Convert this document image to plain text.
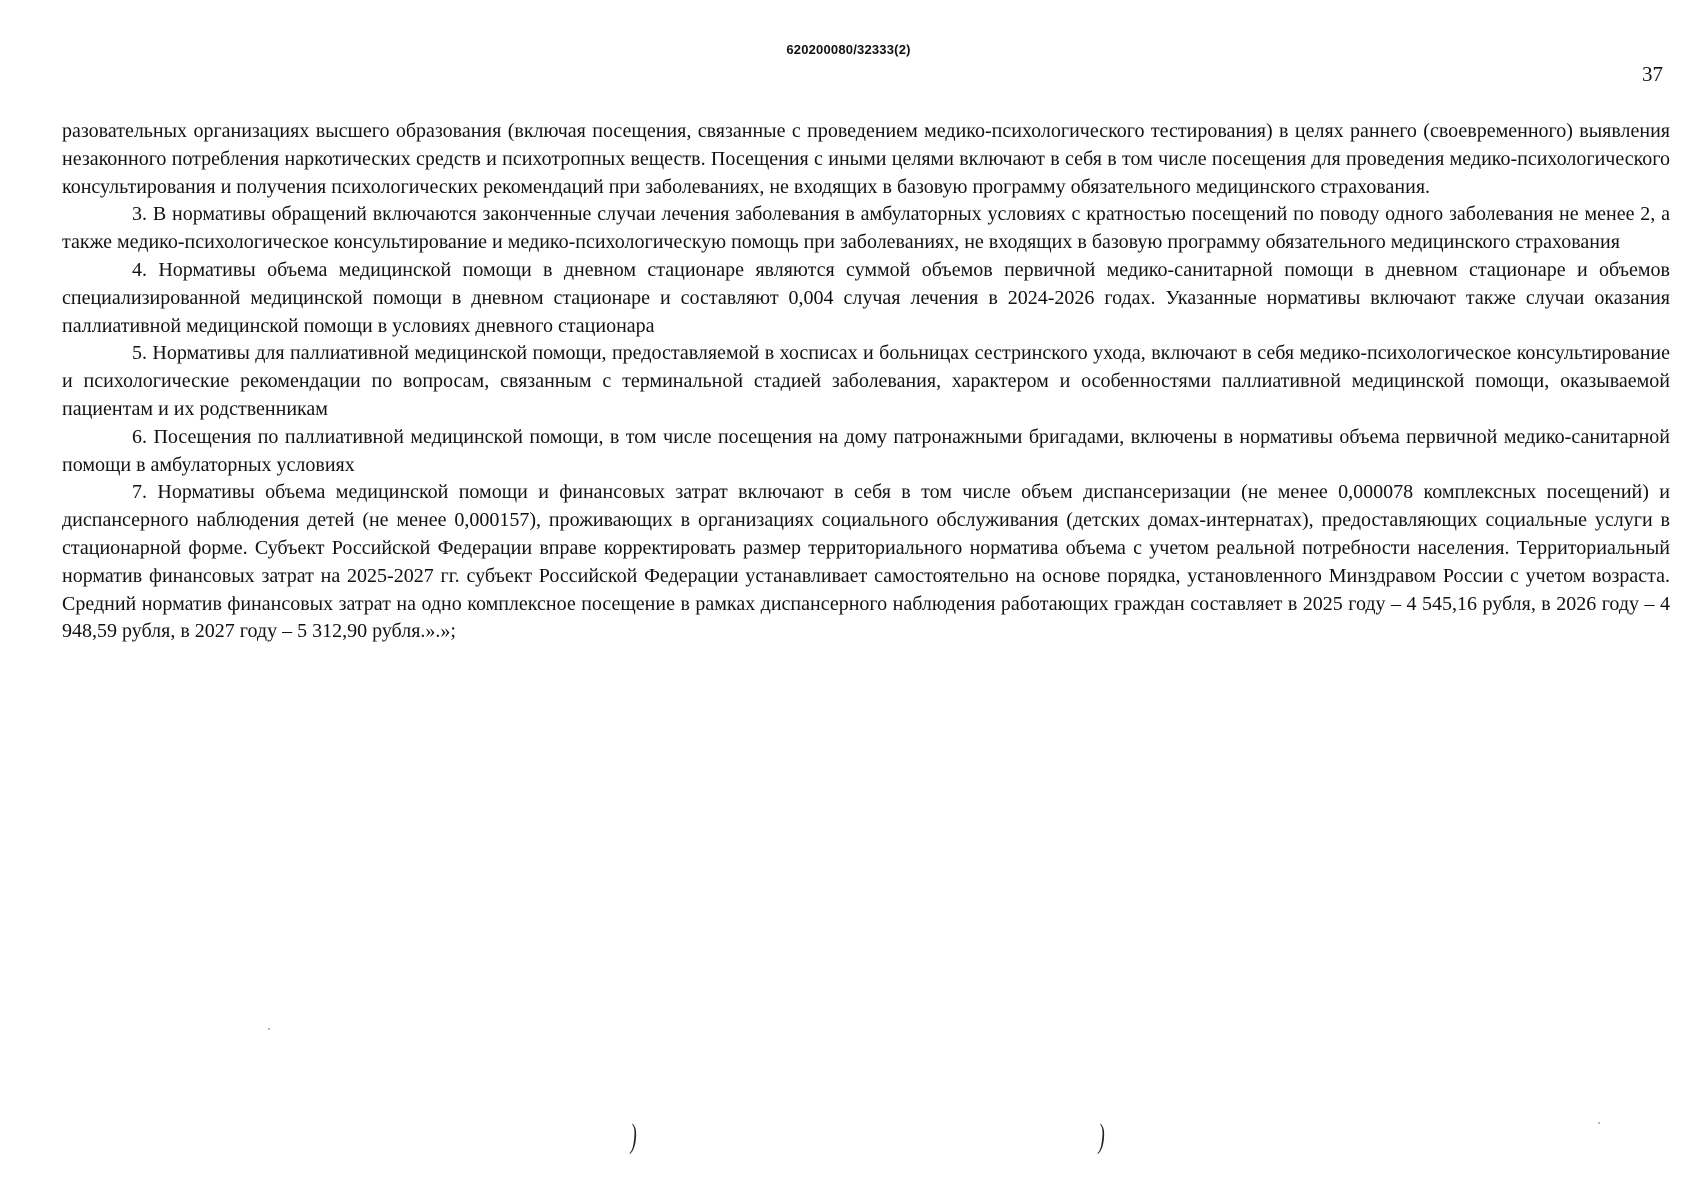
620200080/32333(2)
37

разовательных организациях высшего образования (включая посещения, связанные с проведением медико-психологического тестирования) в целях раннего (своевременного) выявления незаконного потребления наркотических средств и психотропных веществ. Посещения с иными целями включают в себя в том числе посещения для проведения медико-психологического консультирования и получения психологических рекомендаций при заболеваниях, не входящих в базовую программу обязательного медицинского страхования.

3. В нормативы обращений включаются законченные случаи лечения заболевания в амбулаторных условиях с кратностью посещений по поводу одного заболевания не менее 2, а также медико-психологическое консультирование и медико-психологическую помощь при заболеваниях, не входящих в базовую программу обязательного медицинского страхования

4. Нормативы объема медицинской помощи в дневном стационаре являются суммой объемов первичной медико-санитарной помощи в дневном стационаре и объемов специализированной медицинской помощи в дневном стационаре и составляют 0,004 случая лечения в 2024-2026 годах. Указанные нормативы включают также случаи оказания паллиативной медицинской помощи в условиях дневного стационара

5. Нормативы для паллиативной медицинской помощи, предоставляемой в хосписах и больницах сестринского ухода, включают в себя медико-психологическое консультирование и психологические рекомендации по вопросам, связанным с терминальной стадией заболевания, характером и особенностями паллиативной медицинской помощи, оказываемой пациентам и их родственникам

6. Посещения по паллиативной медицинской помощи, в том числе посещения на дому патронажными бригадами, включены в нормативы объема первичной медико-санитарной помощи в амбулаторных условиях

7. Нормативы объема медицинской помощи и финансовых затрат включают в себя в том числе объем диспансеризации (не менее 0,000078 комплексных посещений) и диспансерного наблюдения детей (не менее 0,000157), проживающих в организациях социального обслуживания (детских домах-интернатах), предоставляющих социальные услуги в стационарной форме. Субъект Российской Федерации вправе корректировать размер территориального норматива объема с учетом реальной потребности населения. Территориальный норматив финансовых затрат на 2025-2027 гг. субъект Российской Федерации устанавливает самостоятельно на основе порядка, установленного Минздравом России с учетом возраста. Средний норматив финансовых затрат на одно комплексное посещение в рамках диспансерного наблюдения работающих граждан составляет в 2025 году – 4 545,16 рубля, в 2026 году – 4 948,59 рубля, в 2027 году – 5 312,90 рубля.».»;

)	)
